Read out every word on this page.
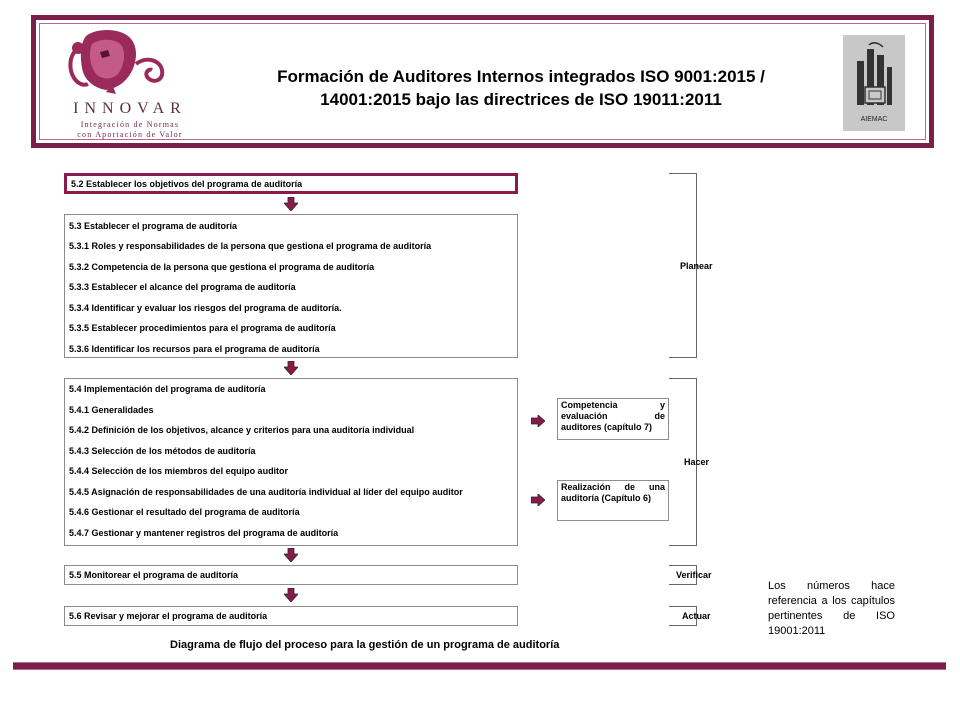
INNOVAR
Integración de Normas
con Aportación de Valor
Formación de Auditores Internos integrados ISO 9001:2015 /
14001:2015 bajo las directrices de ISO 19011:2011
AIEMAC
5.2 Establecer los objetivos del programa de auditoría
5.3 Establecer el programa de auditoría
5.3.1 Roles y responsabilidades de la persona que gestiona el programa de auditoría
5.3.2 Competencia de la persona que gestiona el programa de auditoría
5.3.3 Establecer el alcance del programa de auditoría
5.3.4 Identificar y evaluar los riesgos del programa de auditoría.
5.3.5 Establecer procedimientos para el programa de auditoría
5.3.6 Identificar los recursos para el programa de auditoría
5.4 Implementación del programa de auditoría
5.4.1 Generalidades
5.4.2 Definición de los objetivos, alcance y criterios para una auditoría individual
5.4.3 Selección de los métodos de auditoría
5.4.4 Selección de los miembros del equipo auditor
5.4.5 Asignación de responsabilidades de una auditoría individual al líder del equipo auditor
5.4.6 Gestionar el resultado del programa de auditoría
5.4.7 Gestionar y mantener registros del programa de auditoría
Competencia y
evaluación de
auditores (capítulo 7)
Realización de una
auditoría (Capítulo 6)
5.5 Monitorear el programa de auditoría
5.6 Revisar y mejorar el programa de auditoría
Planear
Hacer
Verificar
Actuar
Diagrama de flujo del proceso para la gestión de un programa de auditoría
Los números hace referencia a los capítulos pertinentes de ISO 19001:2011
